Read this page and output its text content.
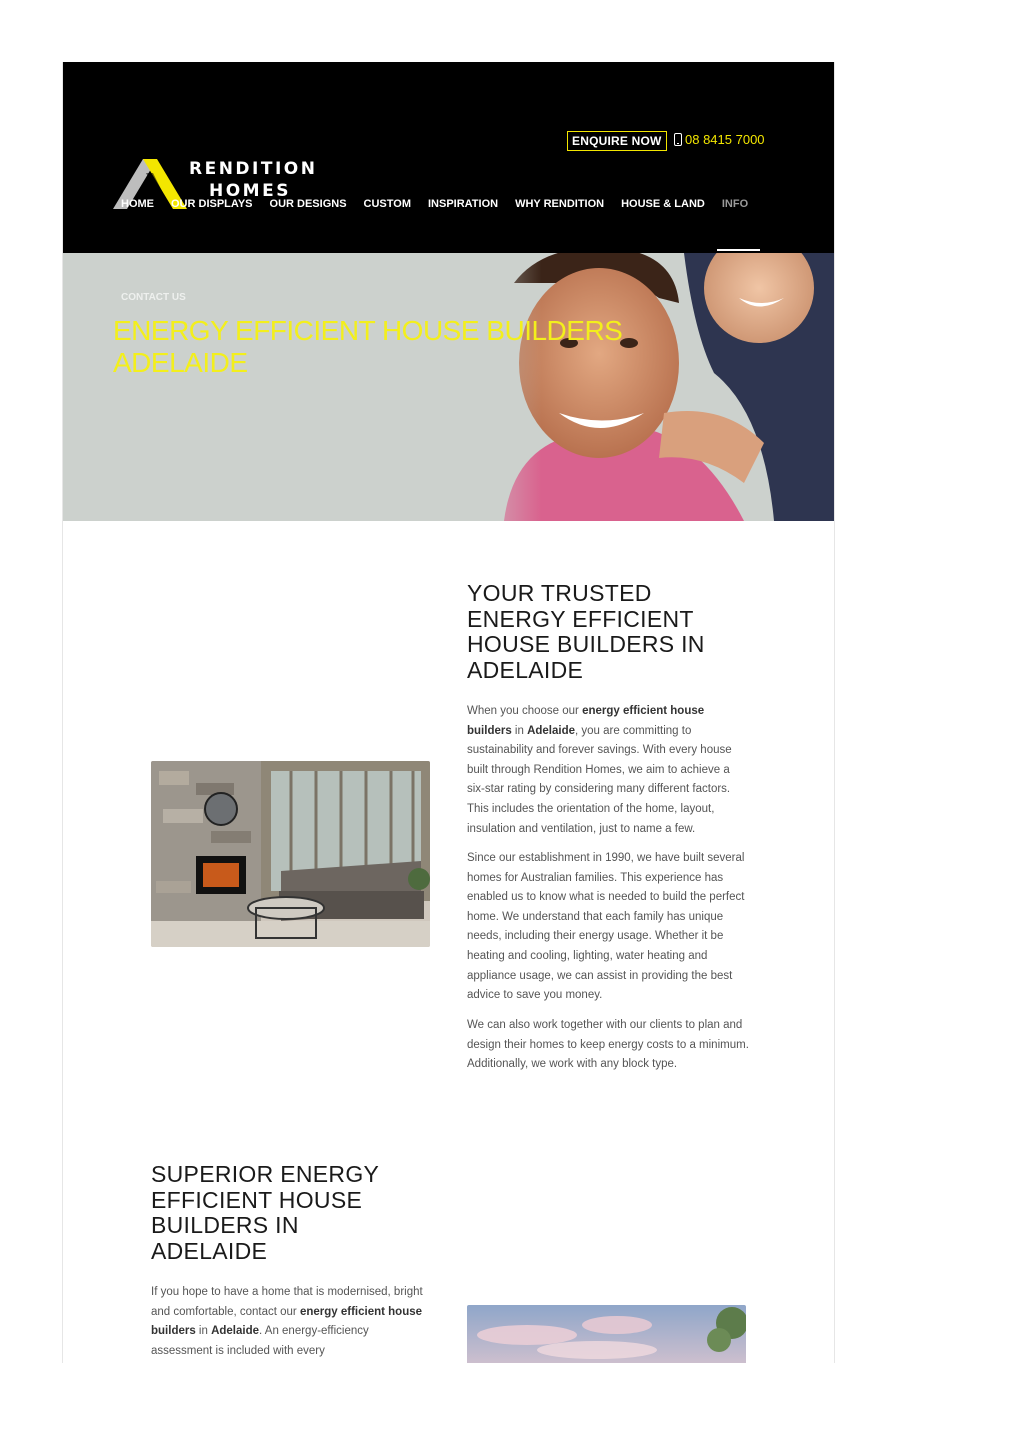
ENQUIRE NOW	08 8415 7000
RENDITION
HOMES
HOME OUR DISPLAYS OUR DESIGNS CUSTOM INSPIRATION WHY RENDITION HOUSE & LAND INFO
CONTACT US
ENERGY EFFICIENT HOUSE BUILDERS ADELAIDE
YOUR TRUSTED ENERGY EFFICIENT HOUSE BUILDERS IN ADELAIDE

When you choose our energy efficient house builders in Adelaide, you are committing to sustainability and forever savings. With every house built through Rendition Homes, we aim to achieve a six-star rating by considering many different factors. This includes the orientation of the home, layout, insulation and ventilation, just to name a few.

Since our establishment in 1990, we have built several homes for Australian families. This experience has enabled us to know what is needed to build the perfect home. We understand that each family has unique needs, including their energy usage. Whether it be heating and cooling, lighting, water heating and appliance usage, we can assist in providing the best advice to save you money.

We can also work together with our clients to plan and design their homes to keep energy costs to a minimum. Additionally, we work with any block type.

SUPERIOR ENERGY EFFICIENT HOUSE BUILDERS IN ADELAIDE

If you hope to have a home that is modernised, bright and comfortable, contact our energy efficient house builders in Adelaide. An energy-efficiency assessment is included with every
